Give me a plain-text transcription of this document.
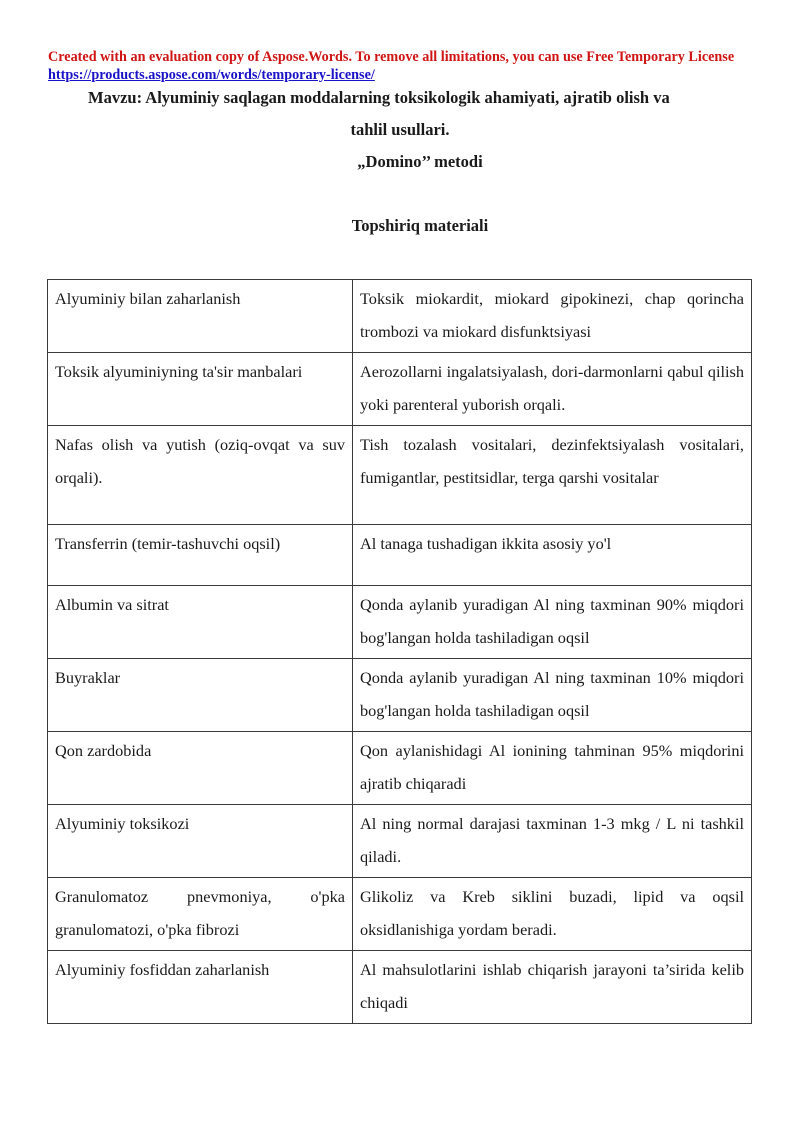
Created with an evaluation copy of Aspose.Words. To remove all limitations, you can use Free Temporary License https://products.aspose.com/words/temporary-license/
Mavzu: Alyuminiy saqlagan moddalarning toksikologik ahamiyati, ajratib olish va
tahlil usullari.
„Domino’’ metodi
Topshiriq materiali
Alyuminiy bilan zaharlanish	Toksik miokardit, miokard gipokinezi, chap qorincha trombozi va miokard disfunktsiyasi

Toksik alyuminiyning ta'sir manbalari	Aerozollarni ingalatsiyalash, dori-darmonlarni qabul qilish yoki parenteral yuborish orqali.

Nafas olish va yutish (oziq-ovqat va suv orqali).	Tish tozalash vositalari, dezinfektsiyalash vositalari, fumigantlar, pestitsidlar, terga qarshi vositalar

Transferrin (temir-tashuvchi oqsil)	Al tanaga tushadigan ikkita asosiy yo'l

Albumin va sitrat	Qonda aylanib yuradigan Al ning taxminan 90% miqdori bog'langan holda tashiladigan oqsil

Buyraklar	Qonda aylanib yuradigan Al ning taxminan 10% miqdori bog'langan holda tashiladigan oqsil

Qon zardobida	Qon aylanishidagi Al ionining tahminan 95% miqdorini ajratib chiqaradi

Alyuminiy toksikozi	Al ning normal darajasi taxminan 1-3 mkg / L ni tashkil qiladi.

Granulomatoz pnevmoniya, o'pka granulomatozi, o'pka fibrozi	Glikoliz va Kreb siklini buzadi, lipid va oqsil oksidlanishiga yordam beradi.

Alyuminiy fosfiddan zaharlanish	Al mahsulotlarini ishlab chiqarish jarayoni ta’sirida kelib chiqadi
